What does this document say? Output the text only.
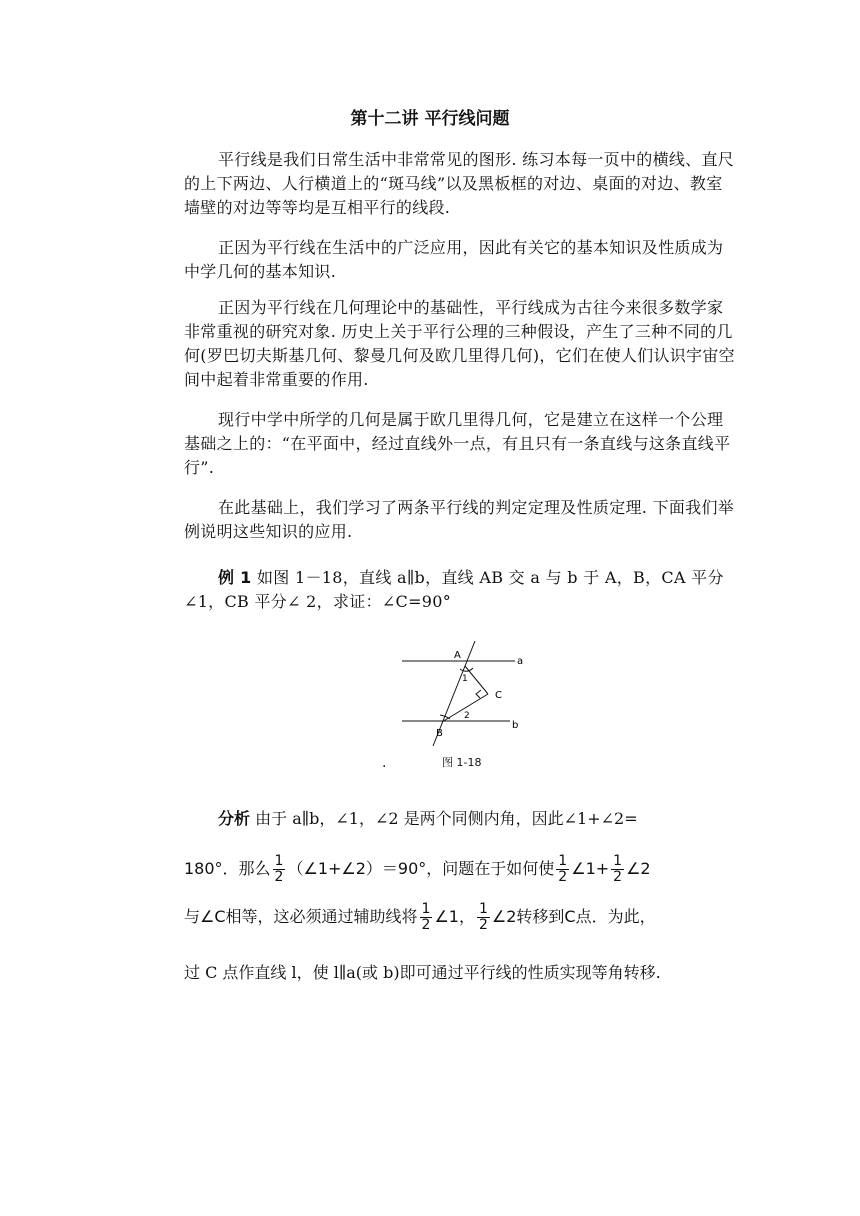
第十二讲 平行线问题

平行线是我们日常生活中非常常见的图形. 练习本每一页中的横线、直尺的上下两边、人行横道上的“斑马线”以及黑板框的对边、桌面的对边、教室墙壁的对边等等均是互相平行的线段.

正因为平行线在生活中的广泛应用，因此有关它的基本知识及性质成为中学几何的基本知识.

正因为平行线在几何理论中的基础性，平行线成为古往今来很多数学家非常重视的研究对象. 历史上关于平行公理的三种假设，产生了三种不同的几何(罗巴切夫斯基几何、黎曼几何及欧几里得几何)，它们在使人们认识宇宙空间中起着非常重要的作用.

现行中学中所学的几何是属于欧几里得几何，它是建立在这样一个公理基础之上的：“在平面中，经过直线外一点，有且只有一条直线与这条直线平行”.

在此基础上，我们学习了两条平行线的判定定理及性质定理. 下面我们举例说明这些知识的应用.

例 1 如图 1－18，直线 a∥b，直线 AB 交 a 与 b 于 A，B，CA 平分∠1，CB 平分∠ 2，求证：∠C=90°

A
B
C
a
b
1
2
.	图 1-18
分析 由于 a∥b，∠1，∠2 是两个同侧内角，因此∠1+∠2=
180°．那么 $\frac{1}{2}$ （∠1+∠2）＝90°，问题在于如何使 $\frac{1}{2}$ ∠1+ $\frac{1}{2}$ ∠2
与∠C相等，这必须通过辅助线将 $\frac{1}{2}$ ∠1， $\frac{1}{2}$ ∠2转移到C点．为此，
过 C 点作直线 l，使 l∥a(或 b)即可通过平行线的性质实现等角转移.
